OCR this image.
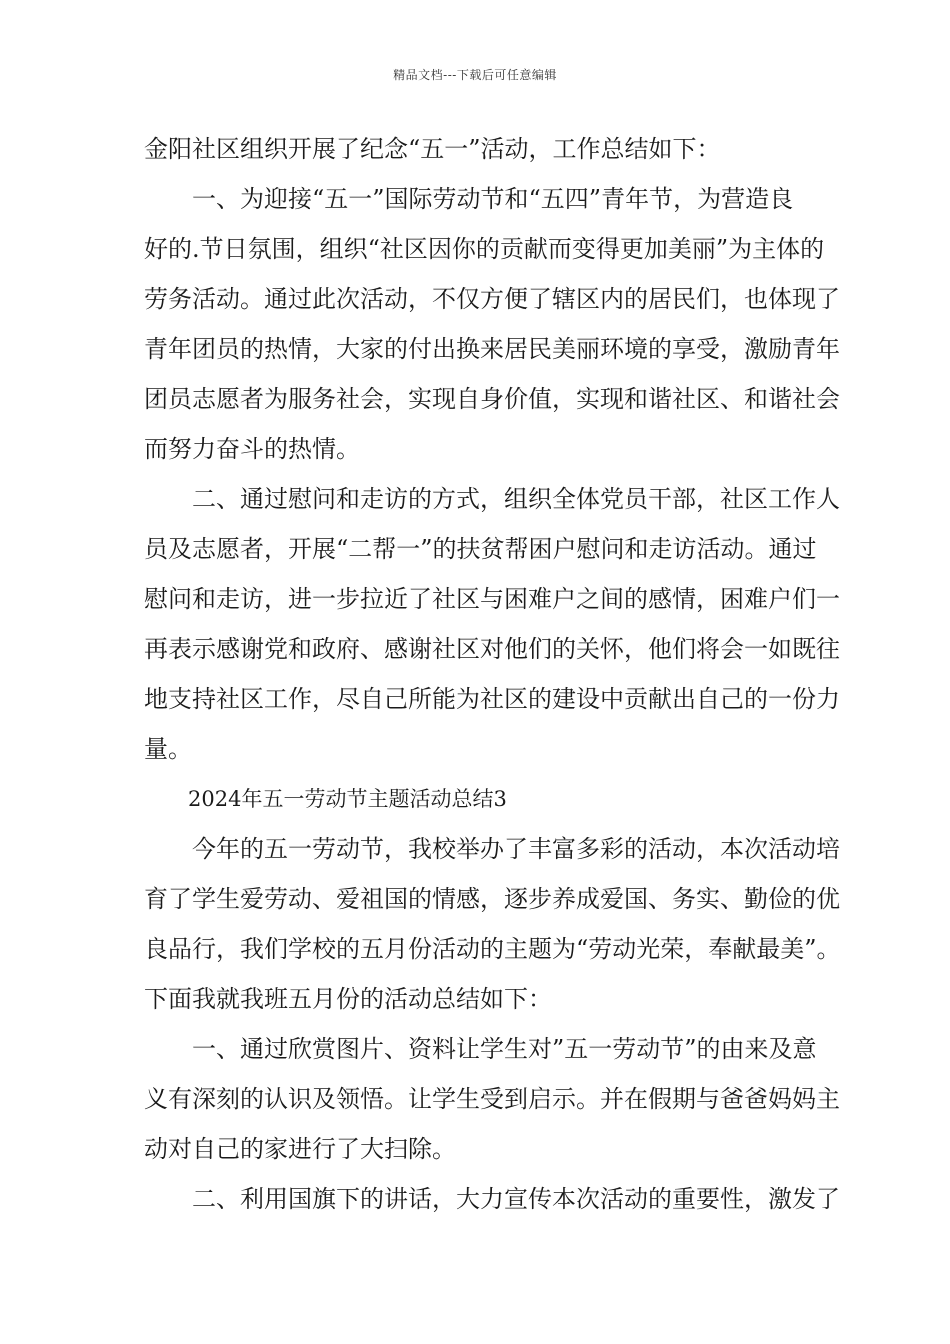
精品文档---下载后可任意编辑
金阳社区组织开展了纪念“五一”活动，工作总结如下：
一、为迎接“五一”国际劳动节和“五四”青年节，为营造良
好的.节日氛围，组织“社区因你的贡献而变得更加美丽”为主体的
劳务活动。通过此次活动，不仅方便了辖区内的居民们，也体现了
青年团员的热情，大家的付出换来居民美丽环境的享受，激励青年
团员志愿者为服务社会，实现自身价值，实现和谐社区、和谐社会
而努力奋斗的热情。
二、通过慰问和走访的方式，组织全体党员干部，社区工作人
员及志愿者，开展“二帮一”的扶贫帮困户慰问和走访活动。通过
慰问和走访，进一步拉近了社区与困难户之间的感情，困难户们一
再表示感谢党和政府、感谢社区对他们的关怀，他们将会一如既往
地支持社区工作，尽自己所能为社区的建设中贡献出自己的一份力
量。
2024年五一劳动节主题活动总结3
今年的五一劳动节，我校举办了丰富多彩的活动，本次活动培
育了学生爱劳动、爱祖国的情感，逐步养成爱国、务实、勤俭的优
良品行，我们学校的五月份活动的主题为“劳动光荣，奉献最美”。
下面我就我班五月份的活动总结如下：
一、通过欣赏图片、资料让学生对”五一劳动节”的由来及意
义有深刻的认识及领悟。让学生受到启示。并在假期与爸爸妈妈主
动对自己的家进行了大扫除。
二、利用国旗下的讲话，大力宣传本次活动的重要性，激发了
